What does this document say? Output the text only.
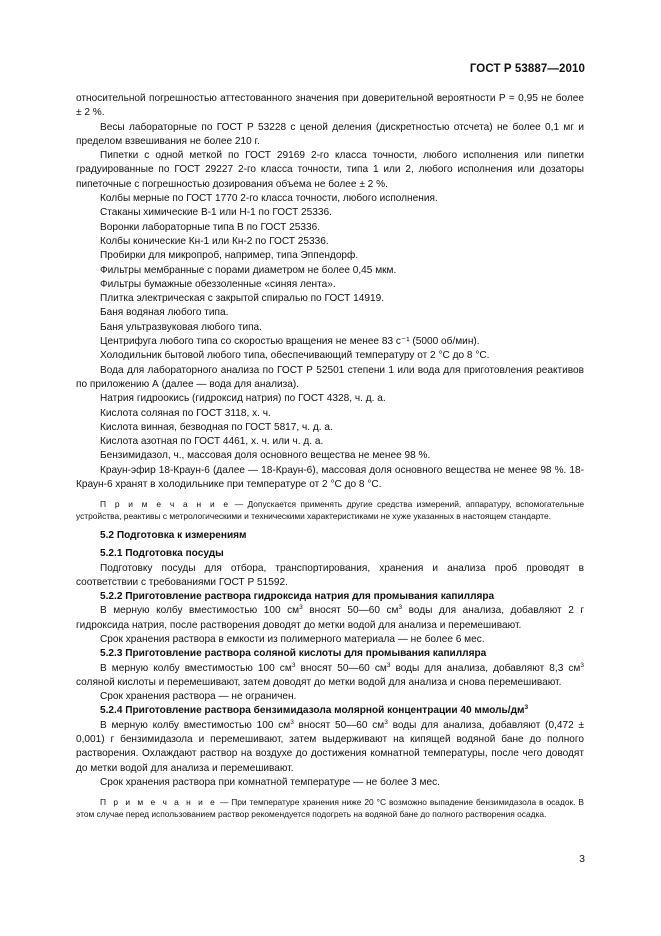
ГОСТ Р 53887—2010

относительной погрешностью аттестованного значения при доверительной вероятности Р = 0,95 не более ± 2 %.

Весы лабораторные по ГОСТ Р 53228 с ценой деления (дискретностью отсчета) не более 0,1 мг и пределом взвешивания не более 210 г.

Пипетки с одной меткой по ГОСТ 29169 2-го класса точности, любого исполнения или пипетки градуированные по ГОСТ 29227 2-го класса точности, типа 1 или 2, любого исполнения или дозаторы пипеточные с погрешностью дозирования объема не более ± 2 %.

Колбы мерные по ГОСТ 1770 2-го класса точности, любого исполнения.

Стаканы химические В-1 или Н-1 по ГОСТ 25336.

Воронки лабораторные типа В по ГОСТ 25336.

Колбы конические Кн-1 или Кн-2 по ГОСТ 25336.

Пробирки для микропроб, например, типа Эппендорф.

Фильтры мембранные с порами диаметром не более 0,45 мкм.

Фильтры бумажные обеззоленные «синяя лента».

Плитка электрическая с закрытой спиралью по ГОСТ 14919.

Баня водяная любого типа.

Баня ультразвуковая любого типа.

Центрифуга любого типа со скоростью вращения не менее 83 с⁻¹ (5000 об/мин).

Холодильник бытовой любого типа, обеспечивающий температуру от 2 °С до 8 °С.

Вода для лабораторного анализа по ГОСТ Р 52501 степени 1 или вода для приготовления реактивов по приложению А (далее — вода для анализа).

Натрия гидроокись (гидроксид натрия) по ГОСТ 4328, ч. д. а.

Кислота соляная по ГОСТ 3118, х. ч.

Кислота винная, безводная по ГОСТ 5817, ч. д. а.

Кислота азотная по ГОСТ 4461, х. ч. или ч. д. а.

Бензимидазол, ч., массовая доля основного вещества не менее 98 %.

Краун-эфир 18-Краун-6 (далее — 18-Краун-6), массовая доля основного вещества не менее 98 %. 18-Краун-6 хранят в холодильнике при температуре от 2 °С до 8 °С.

П р и м е ч а н и е — Допускается применять другие средства измерений, аппаратуру, вспомогательные устройства, реактивы с метрологическими и техническими характеристиками не хуже указанных в настоящем стандарте.

5.2 Подготовка к измерениям

5.2.1 Подготовка посуды

Подготовку посуды для отбора, транспортирования, хранения и анализа проб проводят в соответствии с требованиями ГОСТ Р 51592.

5.2.2 Приготовление раствора гидроксида натрия для промывания капилляра

В мерную колбу вместимостью 100 $см^3$ вносят 50—60 $см^3$ воды для анализа, добавляют 2 г гидроксида натрия, после растворения доводят до метки водой для анализа и перемешивают.

Срок хранения раствора в емкости из полимерного материала — не более 6 мес.

5.2.3 Приготовление раствора соляной кислоты для промывания капилляра

В мерную колбу вместимостью 100 $см^3$ вносят 50—60 $см^3$ воды для анализа, добавляют 8,3 $см^3$ соляной кислоты и перемешивают, затем доводят до метки водой для анализа и снова перемешивают.

Срок хранения раствора — не ограничен.

5.2.4 Приготовление раствора бензимидазола молярной концентрации 40 ммоль/$дм^3$

В мерную колбу вместимостью 100 $см^3$ вносят 50—60 $см^3$ воды для анализа, добавляют (0,472 ± 0,001) г бензимидазола и перемешивают, затем выдерживают на кипящей водяной бане до полного растворения. Охлаждают раствор на воздухе до достижения комнатной температуры, после чего доводят до метки водой для анализа и перемешивают.

Срок хранения раствора при комнатной температуре — не более 3 мес.

П р и м е ч а н и е — При температуре хранения ниже 20 °С возможно выпадение бензимидазола в осадок. В этом случае перед использованием раствор рекомендуется подогреть на водяной бане до полного растворения осадка.

3
